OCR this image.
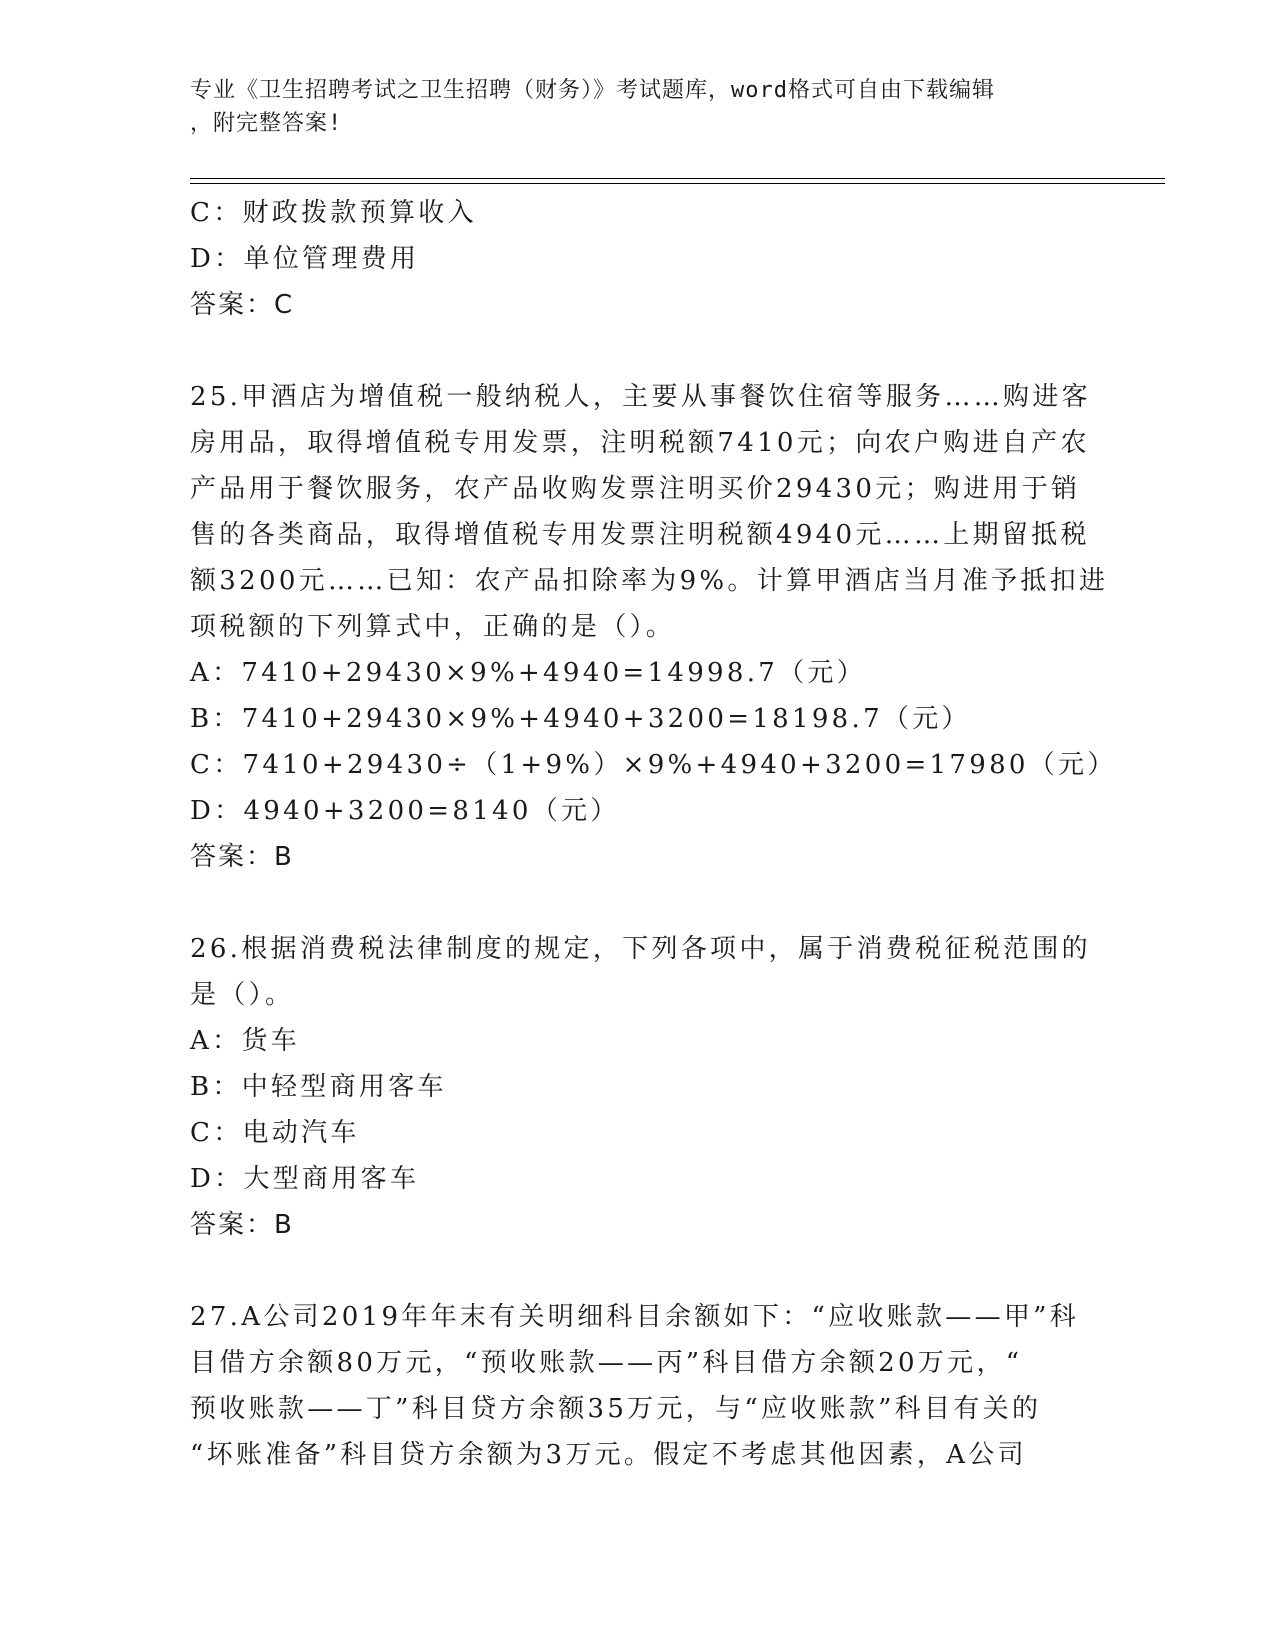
专业《卫生招聘考试之卫生招聘（财务）》考试题库，word格式可自由下载编辑
，附完整答案!
C：财政拨款预算收入
D：单位管理费用
答案：C
25.甲酒店为增值税一般纳税人，主要从事餐饮住宿等服务……购进客
房用品，取得增值税专用发票，注明税额7410元；向农户购进自产农
产品用于餐饮服务，农产品收购发票注明买价29430元；购进用于销
售的各类商品，取得增值税专用发票注明税额4940元……上期留抵税
额3200元……已知：农产品扣除率为9%。计算甲酒店当月准予抵扣进
项税额的下列算式中，正确的是（）。
A：7410+29430×9%+4940=14998.7（元）
B：7410+29430×9%+4940+3200=18198.7（元）
C：7410+29430÷（1+9%）×9%+4940+3200=17980（元）
D：4940+3200=8140（元）
答案：B
26.根据消费税法律制度的规定，下列各项中，属于消费税征税范围的
是（）。
A：货车
B：中轻型商用客车
C：电动汽车
D：大型商用客车
答案：B
27.A公司2019年年末有关明细科目余额如下：“应收账款——甲”科
目借方余额80万元，“预收账款——丙”科目借方余额20万元，“
预收账款——丁”科目贷方余额35万元，与“应收账款”科目有关的
“坏账准备”科目贷方余额为3万元。假定不考虑其他因素，A公司
